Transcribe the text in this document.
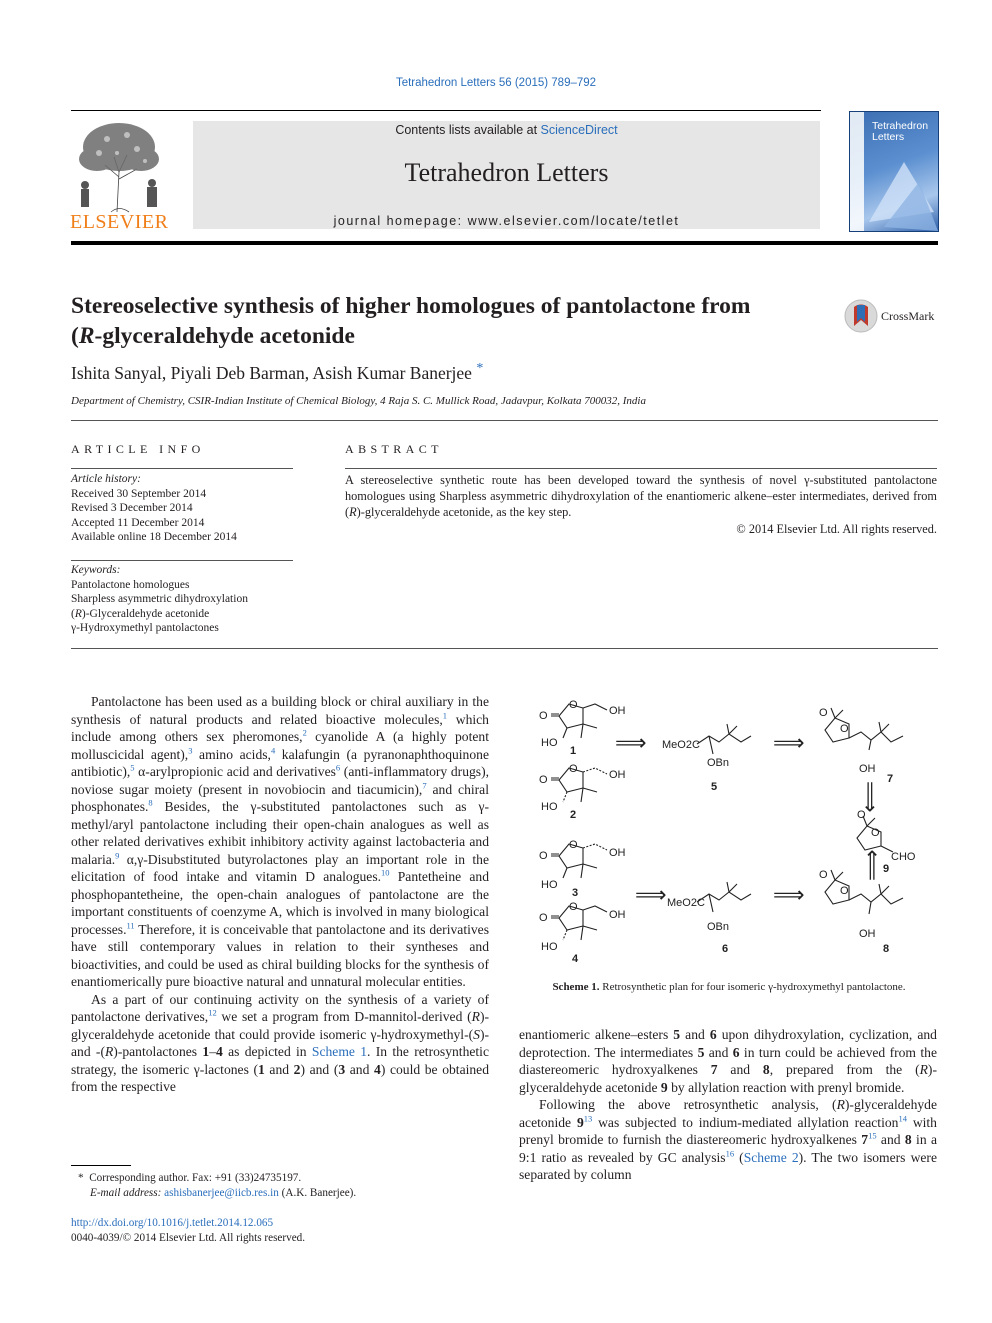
Tetrahedron Letters 56 (2015) 789–792
ELSEVIER
Contents lists available at ScienceDirect
Tetrahedron Letters
journal homepage: www.elsevier.com/locate/tetlet
Tetrahedron
Letters
Stereoselective synthesis of higher homologues of pantolactone from
(R-glyceraldehyde acetonide
CrossMark
Ishita Sanyal, Piyali Deb Barman, Asish Kumar Banerjee *
Department of Chemistry, CSIR-Indian Institute of Chemical Biology, 4 Raja S. C. Mullick Road, Jadavpur, Kolkata 700032, India
ARTICLE INFO
Article history:
Received 30 September 2014
Revised 3 December 2014
Accepted 11 December 2014
Available online 18 December 2014
Keywords:
Pantolactone homologues
Sharpless asymmetric dihydroxylation
(R)-Glyceraldehyde acetonide
γ-Hydroxymethyl pantolactones
ABSTRACT
A stereoselective synthetic route has been developed toward the synthesis of novel γ-substituted pantolactone homologues using Sharpless asymmetric dihydroxylation of the enantiomeric alkene–ester intermediates, derived from (R)-glyceraldehyde acetonide, as the key step.
© 2014 Elsevier Ltd. All rights reserved.

Pantolactone has been used as a building block or chiral auxiliary in the synthesis of natural products and related bioactive molecules,$^1$ which include among others sex pheromones,$^2$ cyanolide A (a highly potent molluscicidal agent),$^3$ amino acids,$^4$ kalafungin (a pyranonaphthoquinone antibiotic),$^5$ α-arylpropionic acid and derivatives$^6$ (anti-inflammatory drugs), noviose sugar moiety (present in novobiocin and tiacumicin),$^7$ and chiral phosphonates.$^8$ Besides, the γ-substituted pantolactones such as γ-methyl/aryl pantolactone including their open-chain analogues as well as other related derivatives exhibit inhibitory activity against lactobacteria and malaria.$^9$ α,γ-Disubstituted butyrolactones play an important role in the elicitation of food intake and vitamin D analogues.$^{10}$ Pantetheine and phosphopantetheine, the open-chain analogues of pantolactone are the important constituents of coenzyme A, which is involved in many biological processes.$^{11}$ Therefore, it is conceivable that pantolactone and its derivatives have still contemporary values in relation to their syntheses and bioactivities, and could be used as chiral building blocks for the synthesis of enantiomerically pure bioactive natural and unnatural molecular entities.

As a part of our continuing activity on the synthesis of a variety of pantolactone derivatives,$^{12}$ we set a program from D-mannitol-derived (R)-glyceraldehyde acetonide that could provide isomeric γ-hydroxymethyl-(S)- and -(R)-pantolactones 1–4 as depicted in Scheme 1. In the retrosynthetic strategy, the isomeric γ-lactones (1 and 2) and (3 and 4) could be obtained from the respective

O
O	OH
HO
1
O
O	OH
HO
2
O
O
OH
HO
3
O
O
OH
HO
4
MeO2C
OBn
5
MeO2C
OBn
6
O
O
OH
7
O
O
CHO
9
O
O
OH
8
⟹	⟹
⟹	⟹
⟹
⟹
Scheme 1. Retrosynthetic plan for four isomeric γ-hydroxymethyl pantolactone.

enantiomeric alkene–esters 5 and 6 upon dihydroxylation, cyclization, and deprotection. The intermediates 5 and 6 in turn could be achieved from the diastereomeric hydroxyalkenes 7 and 8, prepared from the (R)-glyceraldehyde acetonide 9 by allylation reaction with prenyl bromide.

Following the above retrosynthetic analysis, (R)-glyceraldehyde acetonide $9^{13}$ was subjected to indium-mediated allylation reaction$^{14}$ with prenyl bromide to furnish the diastereomeric hydroxyalkenes $7^{15}$ and 8 in a 9:1 ratio as revealed by GC analysis$^{16}$ (Scheme 2). The two isomers were separated by column

* Corresponding author. Fax: +91 (33)24735197.
E-mail address: ashisbanerjee@iicb.res.in (A.K. Banerjee).
http://dx.doi.org/10.1016/j.tetlet.2014.12.065
0040-4039/© 2014 Elsevier Ltd. All rights reserved.
